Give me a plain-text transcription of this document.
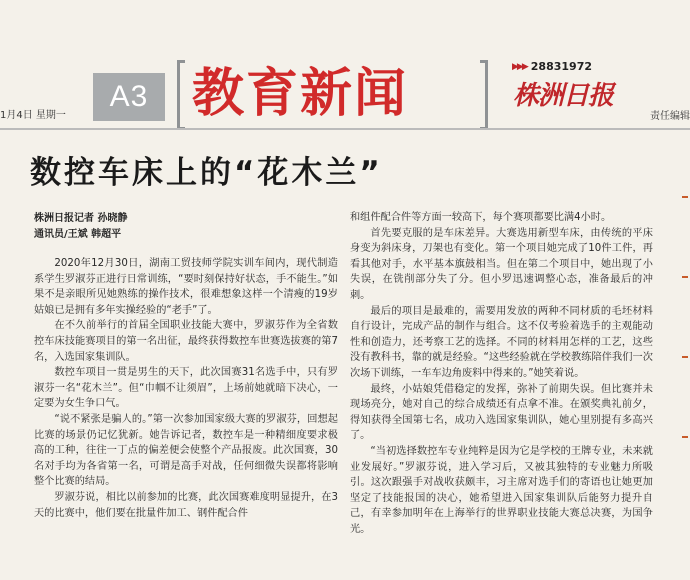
1月4日 星期一
A3 教育新闻	▶▶▶ 28831972
株洲日报
责任编辑
数控车床上的“花木兰”
株洲日报记者 孙晓静
通讯员/王斌 韩超平

2020年12月30日，湖南工贸技师学院实训车间内，现代制造系学生罗淑芬正进行日常训练，“要时刻保持好状态，手不能生。”如果不是亲眼所见她熟练的操作技术，很难想象这样一个清瘦的19岁姑娘已是拥有多年实操经验的“老手”了。

在不久前举行的首届全国职业技能大赛中，罗淑芬作为全省数控车床技能赛项目的第一名出征，最终获得数控车世赛选拔赛的第7名，入选国家集训队。

数控车项目一贯是男生的天下，此次国赛31名选手中，只有罗淑芬一名“花木兰”。但“巾帼不让须眉”，上场前她就暗下决心，一定要为女生争口气。

“说不紧张是骗人的。”第一次参加国家级大赛的罗淑芬，回想起比赛的场景仍记忆犹新。她告诉记者，数控车是一种精细度要求极高的工种，往往一丁点的偏差便会使整个产品报废。此次国赛，30名对手均为各省第一名，可谓是高手对战，任何细微失误都将影响整个比赛的结局。

罗淑芬说，相比以前参加的比赛，此次国赛难度明显提升，在3天的比赛中，他们要在批量件加工、钢件配合件

和组件配合件等方面一较高下，每个赛项都要比满4小时。

首先要克服的是车床差异。大赛选用新型车床，由传统的平床身变为斜床身，刀架也有变化。第一个项目她完成了10件工件，再看其他对手，水平基本旗鼓相当。但在第二个项目中，她出现了小失误，在铣削部分失了分。但小罗迅速调整心态，准备最后的冲刺。

最后的项目是最难的，需要用发放的两种不同材质的毛坯材料自行设计，完成产品的制作与组合。这不仅考验着选手的主观能动性和创造力，还考察工艺的选择。不同的材料用怎样的工艺，这些没有教科书，靠的就是经验。“这些经验就在学校教练陪伴我们一次次场下训练，一车车边角废料中得来的。”她笑着说。

最终，小姑娘凭借稳定的发挥，弥补了前期失误。但比赛并未现场亮分，她对自己的综合成绩还有点拿不准。在颁奖典礼前夕，得知获得全国第七名，成功入选国家集训队，她心里别提有多高兴了。

“当初选择数控车专业纯粹是因为它是学校的王牌专业，未来就业发展好。”罗淑芬说，进入学习后，又被其独特的专业魅力所吸引。这次跟强手对战收获颇丰，习主席对选手们的寄语也让她更加坚定了技能报国的决心，她希望进入国家集训队后能努力提升自己，有幸参加明年在上海举行的世界职业技能大赛总决赛，为国争光。
